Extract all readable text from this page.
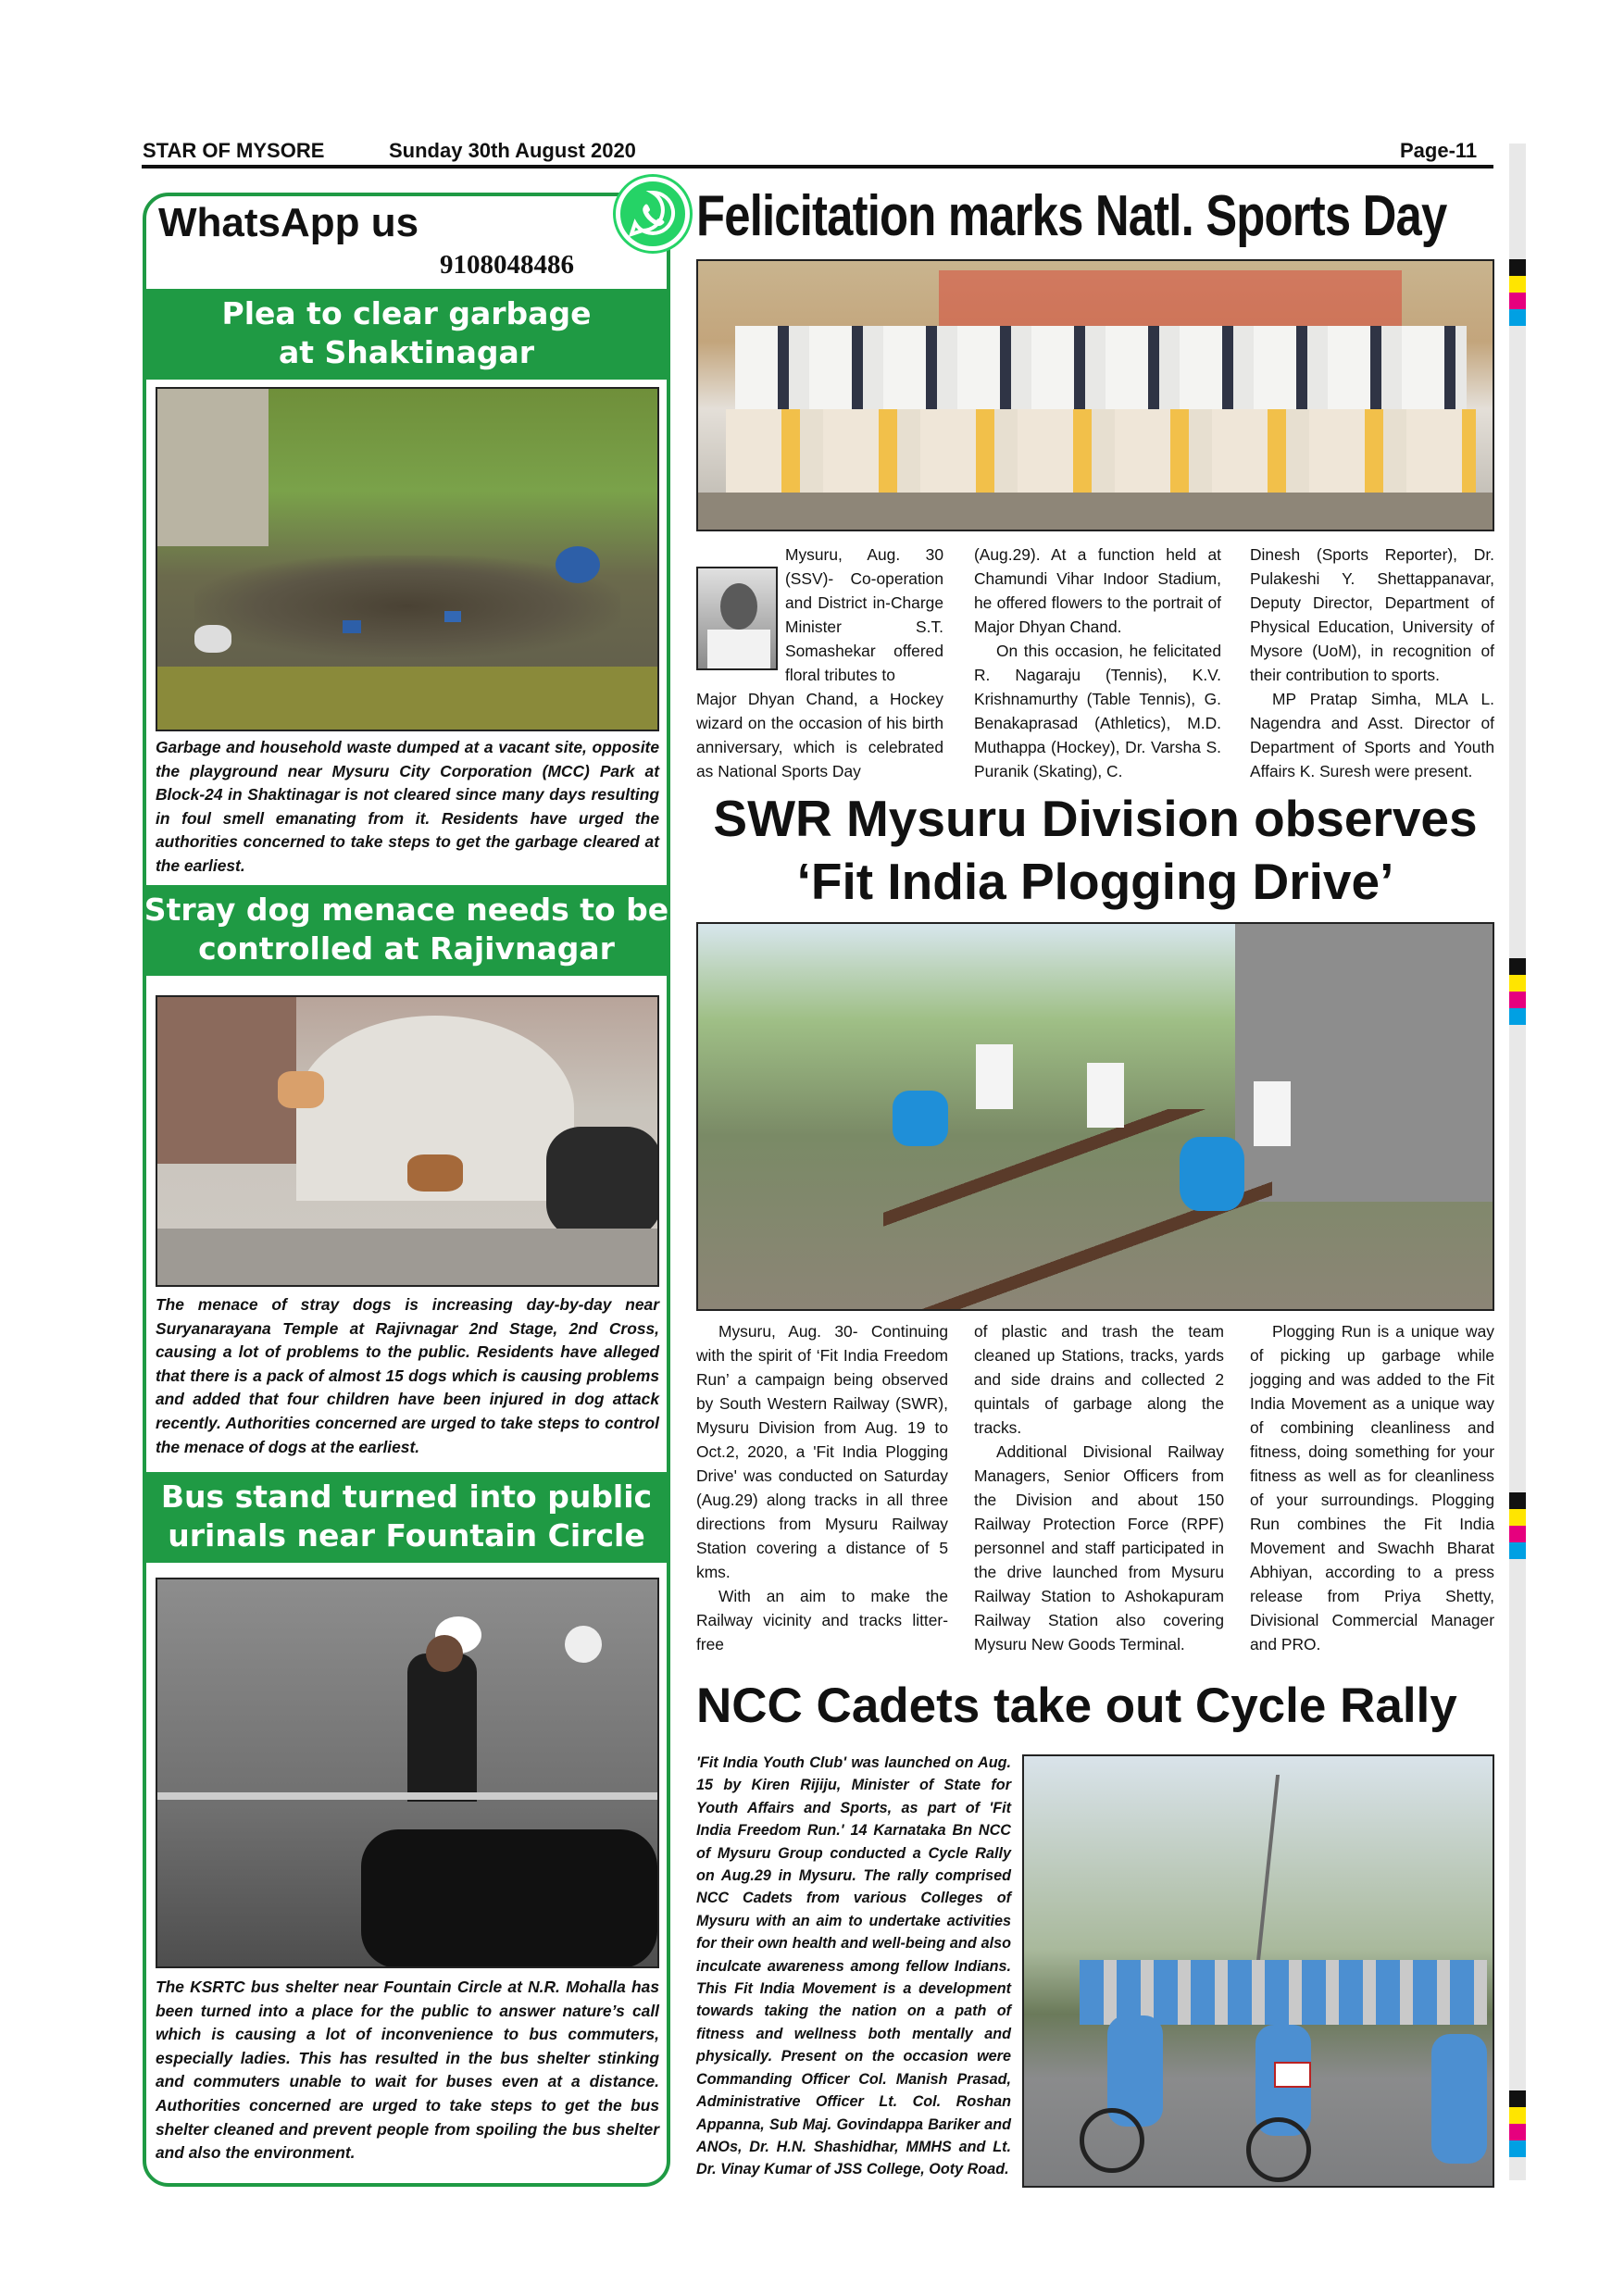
STAR OF MYSORE	Sunday 30th August 2020	Page-11
WhatsApp us
9108048486
Plea to clear garbage
at Shaktinagar
Garbage and household waste dumped at a vacant site, opposite the playground near Mysuru City Corporation (MCC) Park at Block-24 in Shaktinagar is not cleared since many days resulting in foul smell emanating from it. Residents have urged the authorities concerned to take steps to get the garbage cleared at the earliest.
Stray dog menace needs to be
controlled at Rajivnagar
The menace of stray dogs is increasing day-by-day near Suryanarayana Temple at Rajivnagar 2nd Stage, 2nd Cross, causing a lot of problems to the public. Residents have alleged that there is a pack of almost 15 dogs which is causing problems and added that four children have been injured in dog attack recently. Authorities concerned are urged to take steps to control the menace of dogs at the earliest.
Bus stand turned into public
urinals near Fountain Circle
The KSRTC bus shelter near Fountain Circle at N.R. Mohalla has been turned into a place for the public to answer nature’s call which is causing a lot of inconvenience to bus commuters, especially ladies. This has resulted in the bus shelter stinking and commuters unable to wait for buses even at a distance. Authorities concerned are urged to take steps to get the bus shelter cleaned and prevent people from spoiling the bus shelter and also the environment.
Felicitation marks Natl. Sports Day
Mysuru, Aug. 30 (SSV)- Co-operation and District in-Charge Minister S.T. Somashekar offered floral tributes to
Major Dhyan Chand, a Hockey wizard on the occasion of his birth anniversary, which is celebrated as National Sports Day

(Aug.29). At a function held at Chamundi Vihar Indoor Stadium, he offered flowers to the portrait of Major Dhyan Chand.

On this occasion, he felicitated R. Nagaraju (Tennis), K.V. Krishnamurthy (Table Tennis), G. Benakaprasad (Athletics), M.D. Muthappa (Hockey), Dr. Varsha S. Puranik (Skating), C.

Dinesh (Sports Reporter), Dr. Pulakeshi Y. Shettappanavar, Deputy Director, Department of Physical Education, University of Mysore (UoM), in recognition of their contribution to sports.

MP Pratap Simha, MLA L. Nagendra and Asst. Director of Department of Sports and Youth Affairs K. Suresh were present.

SWR Mysuru Division observes
‘Fit India Plogging Drive’

Mysuru, Aug. 30- Continuing with the spirit of ‘Fit India Freedom Run’ a campaign being observed by South Western Railway (SWR), Mysuru Division from Aug. 19 to Oct.2, 2020, a 'Fit India Plogging Drive' was conducted on Saturday (Aug.29) along tracks in all three directions from Mysuru Railway Station covering a distance of 5 kms.

With an aim to make the Railway vicinity and tracks litter-free

of plastic and trash the team cleaned up Stations, tracks, yards and side drains and collected 2 quintals of garbage along the tracks.

Additional Divisional Railway Managers, Senior Officers from the Division and about 150 Railway Protection Force (RPF) personnel and staff participated in the drive launched from Mysuru Railway Station to Ashokapuram Railway Station also covering Mysuru New Goods Terminal.

Plogging Run is a unique way of picking up garbage while jogging and was added to the Fit India Movement as a unique way of combining cleanliness and fitness, doing something for your fitness as well as for cleanliness of your surroundings. Plogging Run combines the Fit India Movement and Swachh Bharat Abhiyan, according to a press release from Priya Shetty, Divisional Commercial Manager and PRO.

NCC Cadets take out Cycle Rally
'Fit India Youth Club' was launched on Aug. 15 by Kiren Rijiju, Minister of State for Youth Affairs and Sports, as part of 'Fit India Freedom Run.' 14 Karnataka Bn NCC of Mysuru Group conducted a Cycle Rally on Aug.29 in Mysuru. The rally comprised NCC Cadets from various Colleges of Mysuru with an aim to undertake activities for their own health and well-being and also inculcate awareness among fellow Indians. This Fit India Movement is a development towards taking the nation on a path of fitness and wellness both mentally and physically. Present on the occasion were Commanding Officer Col. Manish Prasad, Administrative Officer Lt. Col. Roshan Appanna, Sub Maj. Govindappa Bariker and ANOs, Dr. H.N. Shashidhar, MMHS and Lt. Dr. Vinay Kumar of JSS College, Ooty Road.
